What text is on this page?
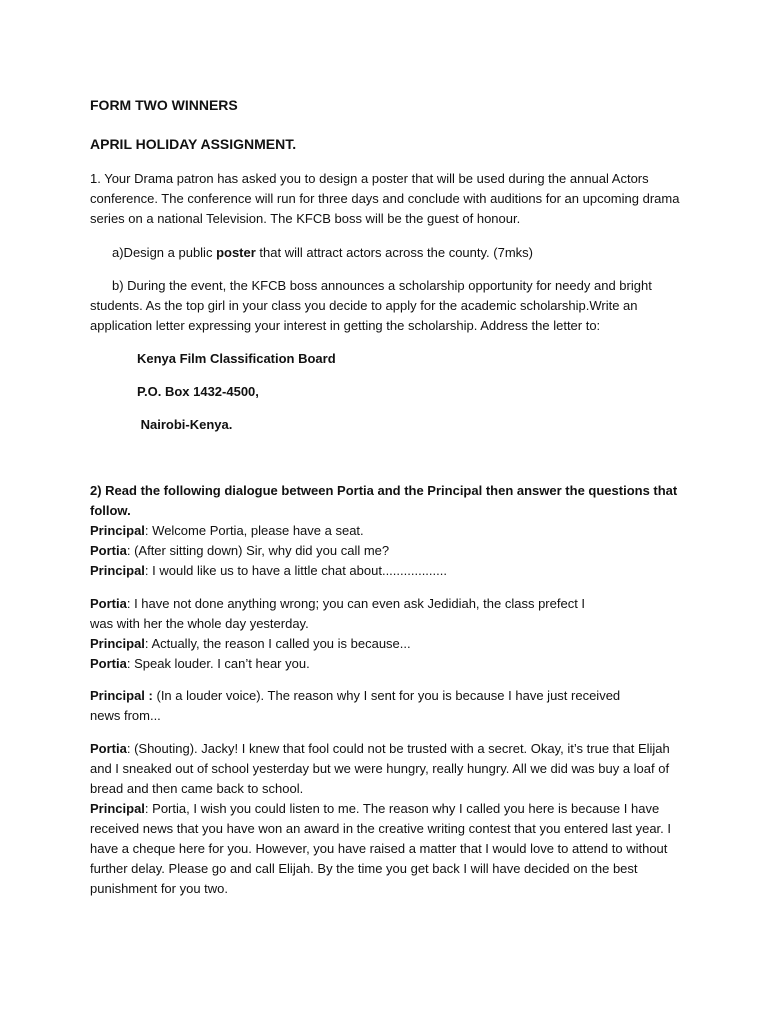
FORM TWO WINNERS

APRIL HOLIDAY ASSIGNMENT.

1. Your Drama patron has asked you to design a poster that will be used during the annual Actors

conference. The conference will run for three days and conclude with auditions for an upcoming drama

series on a national Television. The KFCB boss will be the guest of honour.

a)Design a public poster that will attract actors across the county. (7mks)

b) During the event, the KFCB boss announces a scholarship opportunity for needy and bright

students. As the top girl in your class you decide to apply for the academic scholarship.Write an

application letter expressing your interest in getting the scholarship. Address the letter to:

Kenya Film Classification Board

P.O. Box 1432-4500,

Nairobi-Kenya.

2) Read the following dialogue between Portia and the Principal then answer the questions that

follow.

Principal: Welcome Portia, please have a seat.

Portia: (After sitting down) Sir, why did you call me?

Principal: I would like us to have a little chat about..................

Portia: I have not done anything wrong; you can even ask Jedidiah, the class prefect I

was with her the whole day yesterday.

Principal: Actually, the reason I called you is because...

Portia: Speak louder. I can’t hear you.

Principal : (In a louder voice). The reason why I sent for you is because I have just received

news from...

Portia: (Shouting). Jacky! I knew that fool could not be trusted with a secret. Okay, it’s true that Elijah

and I sneaked out of school yesterday but we were hungry, really hungry. All we did was buy a loaf of

bread and then came back to school.

Principal: Portia, I wish you could listen to me. The reason why I called you here is because I have

received news that you have won an award in the creative writing contest that you entered last year. I

have a cheque here for you. However, you have raised a matter that I would love to attend to without

further delay. Please go and call Elijah. By the time you get back I will have decided on the best

punishment for you two.
